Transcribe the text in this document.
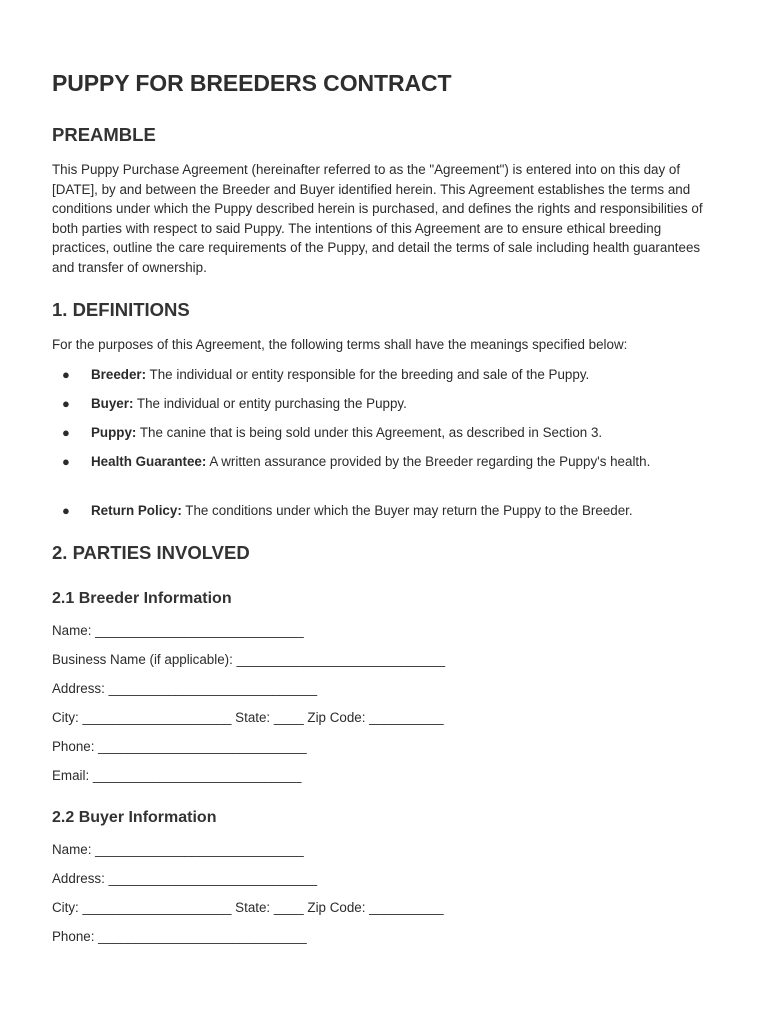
PUPPY FOR BREEDERS CONTRACT
PREAMBLE

This Puppy Purchase Agreement (hereinafter referred to as the "Agreement") is entered into on this day of [DATE], by and between the Breeder and Buyer identified herein. This Agreement establishes the terms and conditions under which the Puppy described herein is purchased, and defines the rights and responsibilities of both parties with respect to said Puppy. The intentions of this Agreement are to ensure ethical breeding practices, outline the care requirements of the Puppy, and detail the terms of sale including health guarantees and transfer of ownership.

1. DEFINITIONS
For the purposes of this Agreement, the following terms shall have the meanings specified below:
● Breeder: The individual or entity responsible for the breeding and sale of the Puppy.
● Buyer: The individual or entity purchasing the Puppy.
● Puppy: The canine that is being sold under this Agreement, as described in Section 3.
● Health Guarantee: A written assurance provided by the Breeder regarding the Puppy's health.
● Return Policy: The conditions under which the Buyer may return the Puppy to the Breeder.
2. PARTIES INVOLVED
2.1 Breeder Information
Name: ____________________________
Business Name (if applicable): ____________________________
Address: ____________________________
City: ____________________ State: ____ Zip Code: __________
Phone: ____________________________
Email: ____________________________
2.2 Buyer Information
Name: ____________________________
Address: ____________________________
City: ____________________ State: ____ Zip Code: __________
Phone: ____________________________
